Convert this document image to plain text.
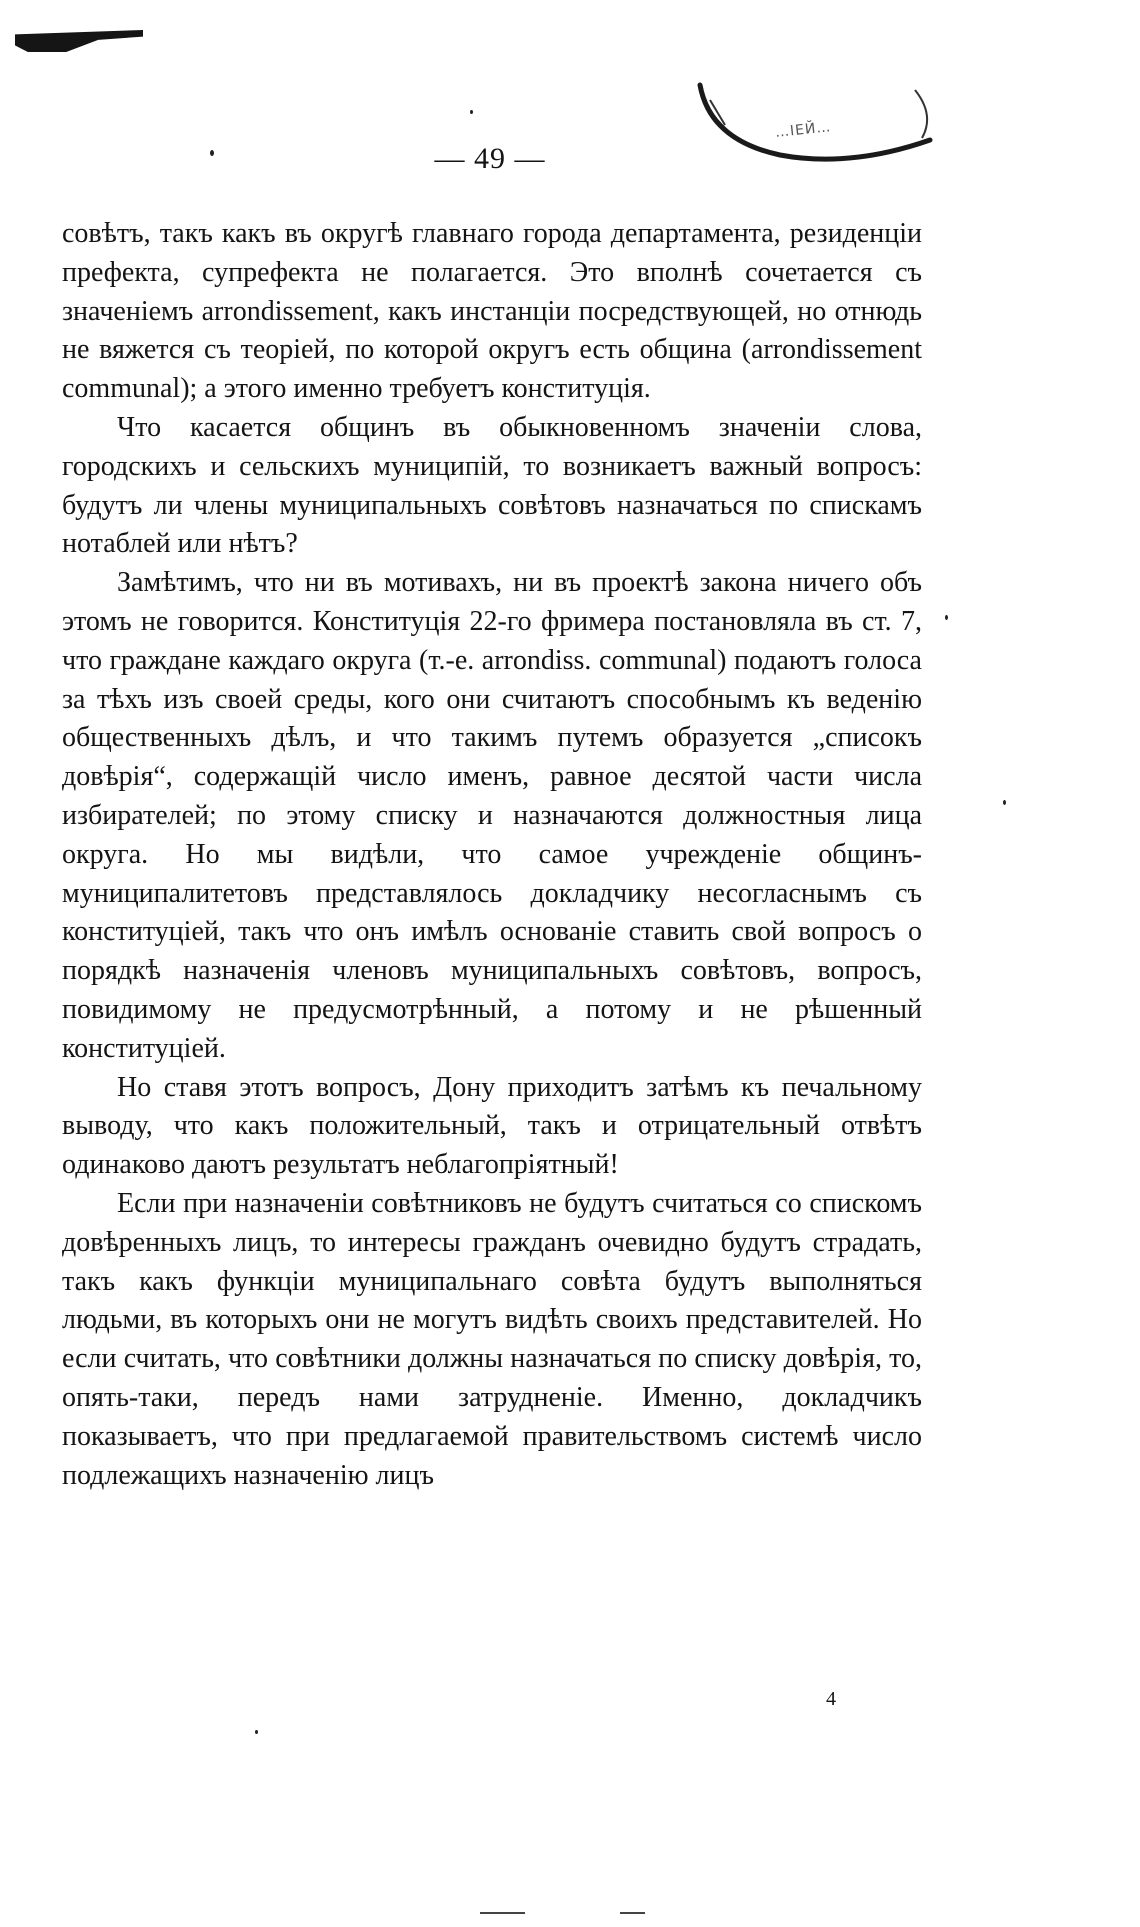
…ІЕЙ…
— 49 —

совѣтъ, такъ какъ въ округѣ главнаго города департамента, резиденціи префекта, супрефекта не полагается. Это вполнѣ сочетается съ значеніемъ arrondissement, какъ инстанціи посредствующей, но отнюдь не вяжется съ теоріей, по которой округъ есть община (arrondissement communal); а этого именно требуетъ конституція.

Что касается общинъ въ обыкновенномъ значеніи слова, городскихъ и сельскихъ муниципій, то возникаетъ важный вопросъ: будутъ ли члены муниципальныхъ совѣтовъ назначаться по спискамъ нотаблей или нѣтъ?

Замѣтимъ, что ни въ мотивахъ, ни въ проектѣ закона ничего объ этомъ не говорится. Конституція 22-го фримера постановляла въ ст. 7, что граждане каждаго округа (т.-е. arrondiss. communal) подаютъ голоса за тѣхъ изъ своей среды, кого они считаютъ способнымъ къ веденію общественныхъ дѣлъ, и что такимъ путемъ образуется „списокъ довѣрія“, содержащій число именъ, равное десятой части числа избирателей; по этому списку и назначаются должностныя лица округа. Но мы видѣли, что самое учрежденіе общинъ-муниципалитетовъ представлялось докладчику несогласнымъ съ конституціей, такъ что онъ имѣлъ основаніе ставить свой вопросъ о порядкѣ назначенія членовъ муниципальныхъ совѣтовъ, вопросъ, повидимому не предусмотрѣнный, а потому и не рѣшенный конституціей.

Но ставя этотъ вопросъ, Дону приходитъ затѣмъ къ печальному выводу, что какъ положительный, такъ и отрицательный отвѣтъ одинаково даютъ результатъ неблагопріятный!

Если при назначеніи совѣтниковъ не будутъ считаться со спискомъ довѣренныхъ лицъ, то интересы гражданъ очевидно будутъ страдать, такъ какъ функціи муниципальнаго совѣта будутъ выполняться людьми, въ которыхъ они не могутъ видѣть своихъ представителей. Но если считать, что совѣтники должны назначаться по списку довѣрія, то, опять-таки, передъ нами затрудненіе. Именно, докладчикъ показываетъ, что при предлагаемой правительствомъ системѣ число подлежащихъ назначенію лицъ

4
